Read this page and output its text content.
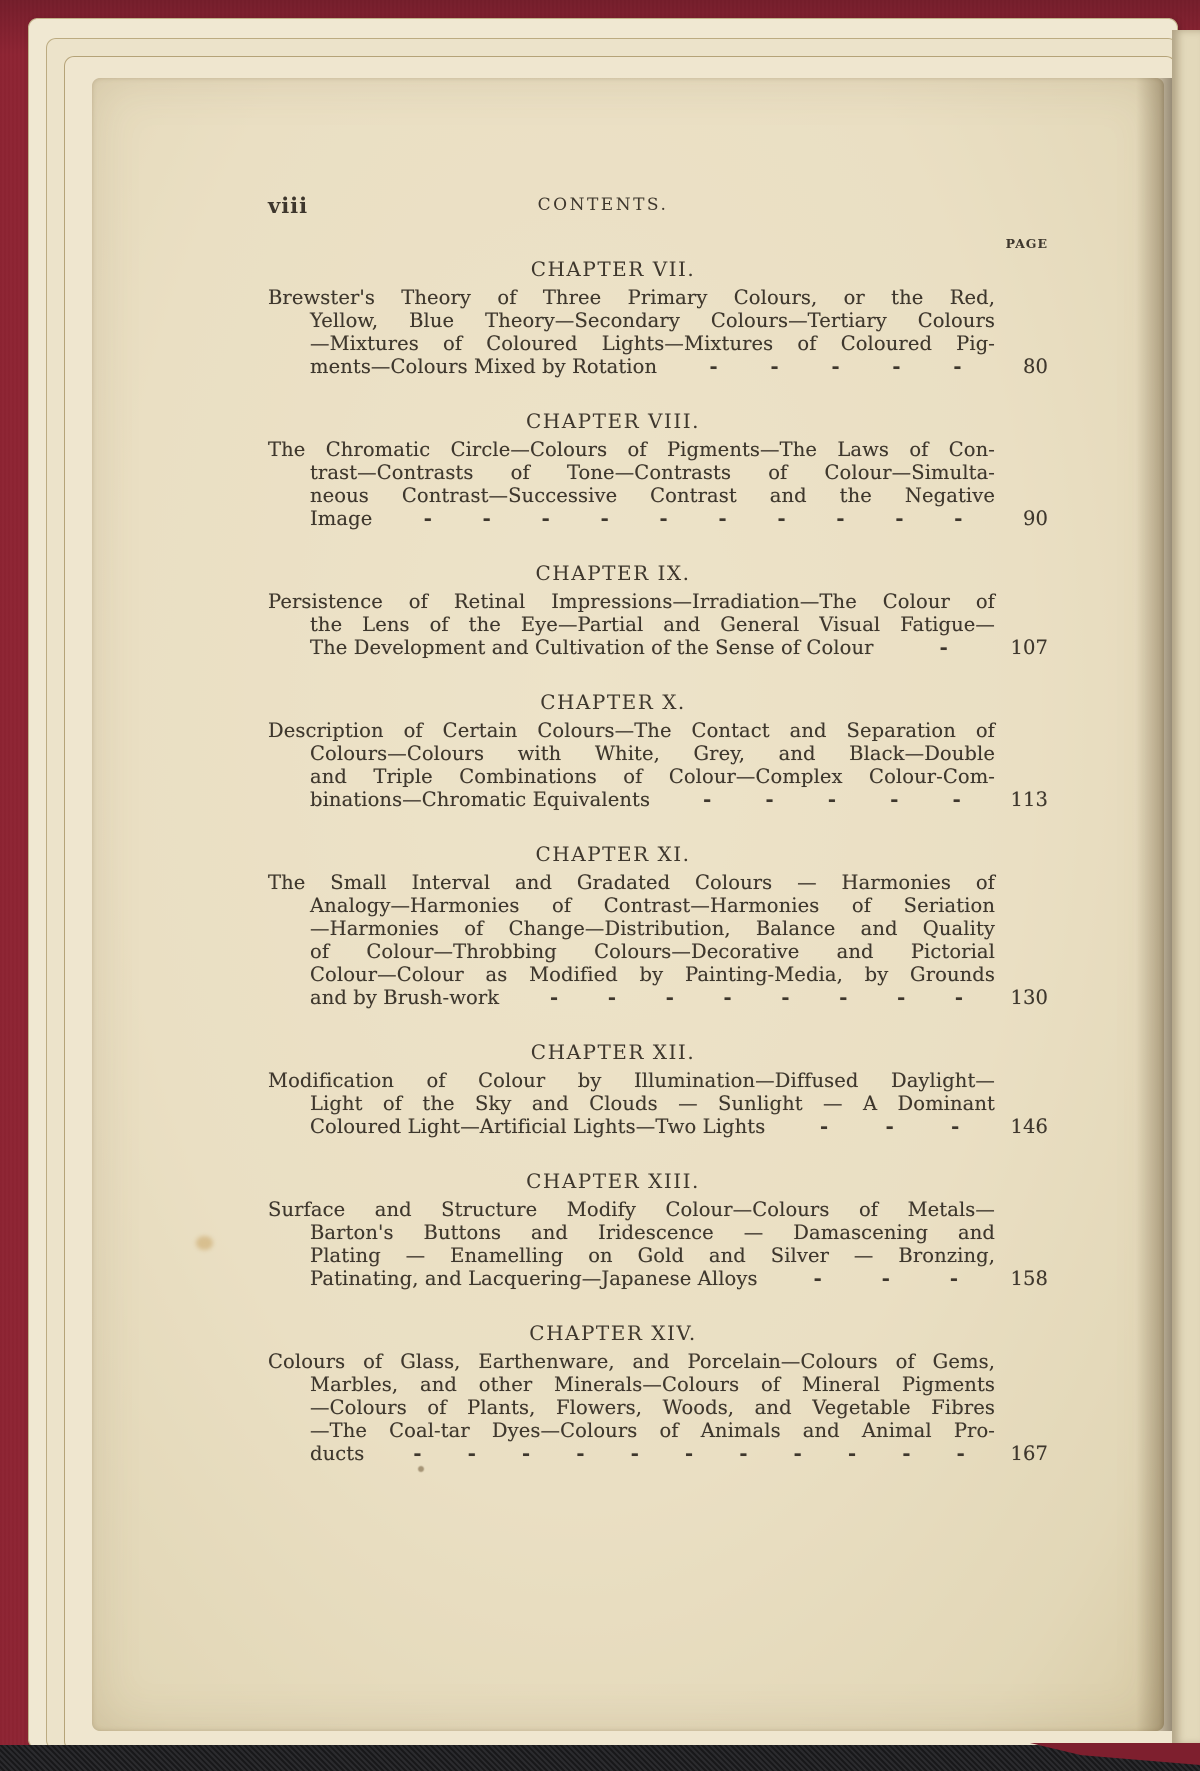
viii	CONTENTS.
PAGE
CHAPTER VII.
Brewster's Theory of Three Primary Colours, or the Red,
Yellow, Blue Theory—Secondary Colours—Tertiary Colours
—Mixtures of Coloured Lights—Mixtures of Coloured Pig-
ments—Colours Mixed by Rotation	-	-	-	-	-	80
CHAPTER VIII.
The Chromatic Circle—Colours of Pigments—The Laws of Con-
trast—Contrasts of Tone—Contrasts of Colour—Simulta-
neous Contrast—Successive Contrast and the Negative
Image	-	-	-	-	-	-	-	-	-	-	90
CHAPTER IX.
Persistence of Retinal Impressions—Irradiation—The Colour of
the Lens of the Eye—Partial and General Visual Fatigue—
The Development and Cultivation of the Sense of Colour	-	107
CHAPTER X.
Description of Certain Colours—The Contact and Separation of
Colours—Colours with White, Grey, and Black—Double
and Triple Combinations of Colour—Complex Colour-Com-
binations—Chromatic Equivalents	-	-	-	-	-	113
CHAPTER XI.
The Small Interval and Gradated Colours — Harmonies of
Analogy—Harmonies of Contrast—Harmonies of Seriation
—Harmonies of Change—Distribution, Balance and Quality
of Colour—Throbbing Colours—Decorative and Pictorial
Colour—Colour as Modified by Painting-Media, by Grounds
and by Brush-work	-	-	-	-	-	-	-	-	130
CHAPTER XII.
Modification of Colour by Illumination—Diffused Daylight—
Light of the Sky and Clouds — Sunlight — A Dominant
Coloured Light—Artificial Lights—Two Lights	-	-	-	146
CHAPTER XIII.
Surface and Structure Modify Colour—Colours of Metals—
Barton's Buttons and Iridescence — Damascening and
Plating — Enamelling on Gold and Silver — Bronzing,
Patinating, and Lacquering—Japanese Alloys	-	-	-	158
CHAPTER XIV.
Colours of Glass, Earthenware, and Porcelain—Colours of Gems,
Marbles, and other Minerals—Colours of Mineral Pigments
—Colours of Plants, Flowers, Woods, and Vegetable Fibres
—The Coal-tar Dyes—Colours of Animals and Animal Pro-
ducts	- - - - - - - - - - -	167
